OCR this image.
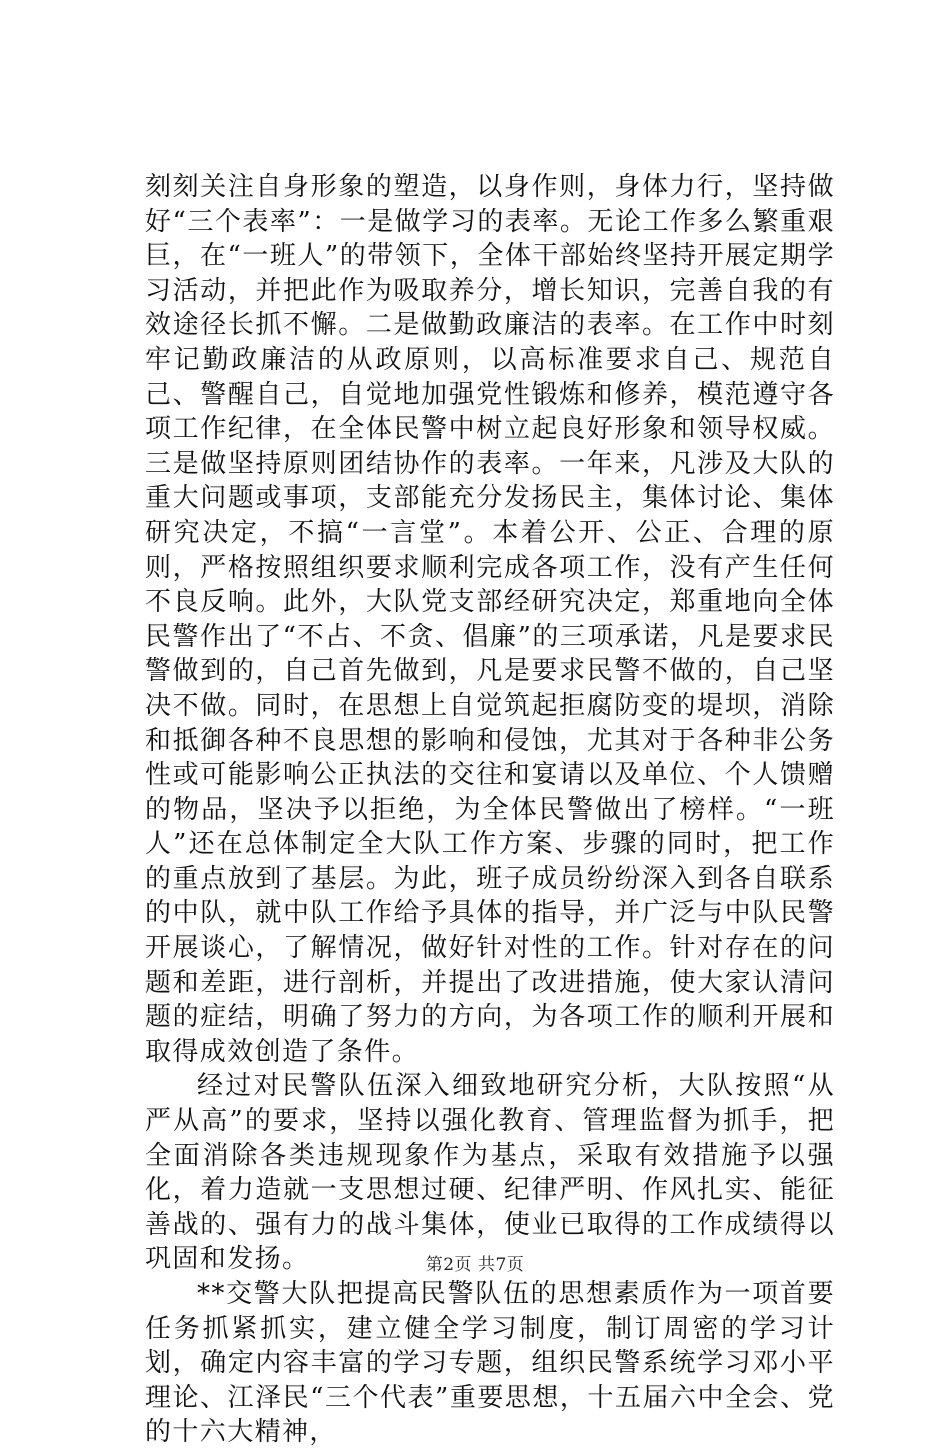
刻刻关注自身形象的塑造，以身作则，身体力行，坚持做好“三个表率”：一是做学习的表率。无论工作多么繁重艰巨，在“一班人”的带领下，全体干部始终坚持开展定期学习活动，并把此作为吸取养分，增长知识，完善自我的有效途径长抓不懈。二是做勤政廉洁的表率。在工作中时刻牢记勤政廉洁的从政原则，以高标准要求自己、规范自己、警醒自己，自觉地加强党性锻炼和修养，模范遵守各项工作纪律，在全体民警中树立起良好形象和领导权威。三是做坚持原则团结协作的表率。一年来，凡涉及大队的重大问题或事项，支部能充分发扬民主，集体讨论、集体研究决定，不搞“一言堂”。本着公开、公正、合理的原则，严格按照组织要求顺利完成各项工作，没有产生任何不良反响。此外，大队党支部经研究决定，郑重地向全体民警作出了“不占、不贪、倡廉”的三项承诺，凡是要求民警做到的，自己首先做到，凡是要求民警不做的，自己坚决不做。同时，在思想上自觉筑起拒腐防变的堤坝，消除和抵御各种不良思想的影响和侵蚀，尤其对于各种非公务性或可能影响公正执法的交往和宴请以及单位、个人馈赠的物品，坚决予以拒绝，为全体民警做出了榜样。“一班人”还在总体制定全大队工作方案、步骤的同时，把工作的重点放到了基层。为此，班子成员纷纷深入到各自联系的中队，就中队工作给予具体的指导，并广泛与中队民警开展谈心，了解情况，做好针对性的工作。针对存在的问题和差距，进行剖析，并提出了改进措施，使大家认清问题的症结，明确了努力的方向，为各项工作的顺利开展和取得成效创造了条件。

经过对民警队伍深入细致地研究分析，大队按照“从严从高”的要求，坚持以强化教育、管理监督为抓手，把全面消除各类违规现象作为基点，采取有效措施予以强化，着力造就一支思想过硬、纪律严明、作风扎实、能征善战的、强有力的战斗集体，使业已取得的工作成绩得以巩固和发扬。

**交警大队把提高民警队伍的思想素质作为一项首要任务抓紧抓实，建立健全学习制度，制订周密的学习计划，确定内容丰富的学习专题，组织民警系统学习邓小平理论、江泽民“三个代表”重要思想，十五届六中全会、党的十六大精神，

第2页 共7页
